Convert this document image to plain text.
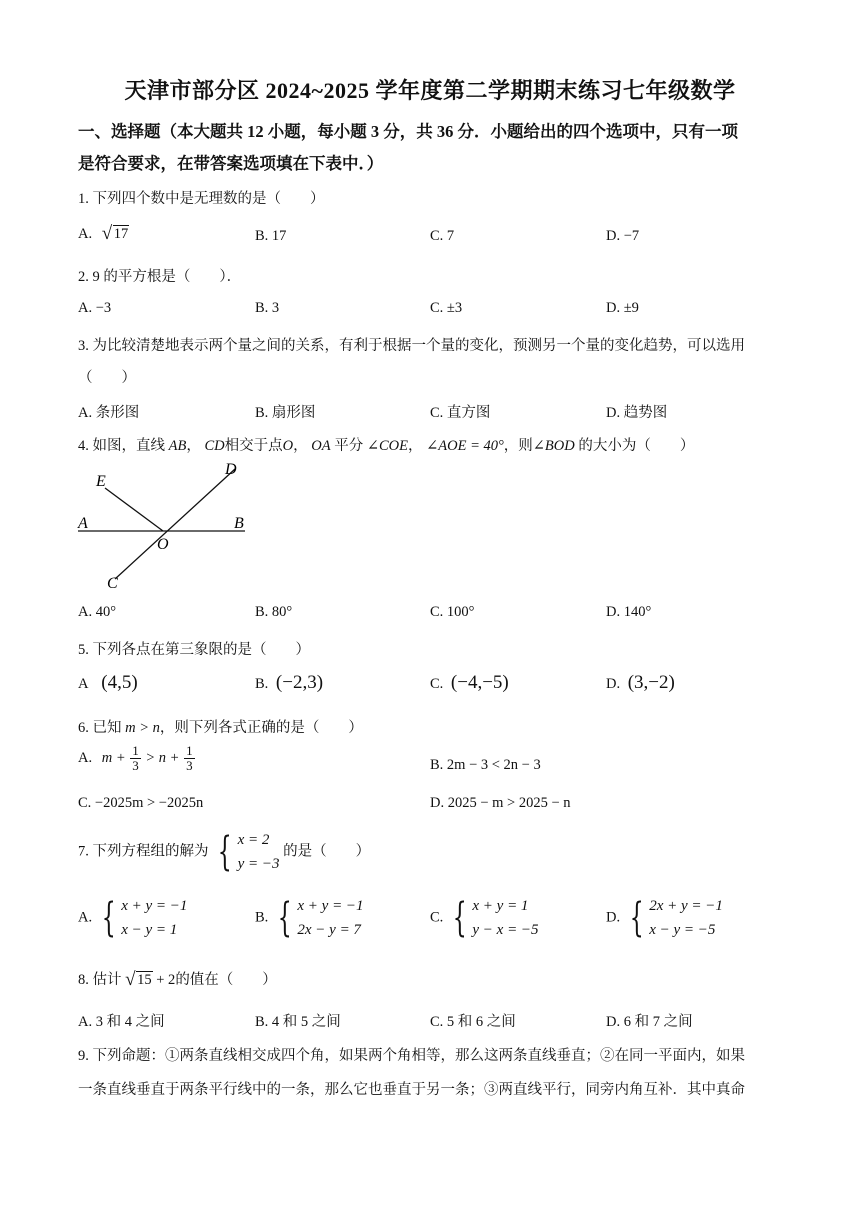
天津市部分区 2024~2025 学年度第二学期期末练习七年级数学
一、选择题（本大题共 12 小题，每小题 3 分，共 36 分．小题给出的四个选项中，只有一项
是符合要求，在带答案选项填在下表中．）
1. 下列四个数中是无理数的是（　　）
A. √ 17	B. 17	C. 7	D. −7
2. 9 的平方根是（　　）．
A. −3	B. 3	C. ±3	D. ±9
3. 为比较清楚地表示两个量之间的关系，有利于根据一个量的变化，预测另一个量的变化趋势，可以选用
（　　）
A. 条形图	B. 扇形图	C. 直方图	D. 趋势图
4. 如图，直线 AB， CD相交于点O， OA 平分 ∠COE， ∠AOE = 40°，则∠BOD 的大小为（　　）
E
D
A	B
O
C
A. 40°	B. 80°	C. 100°	D. 140°
5. 下列各点在第三象限的是（　　）
A (4,5)	B. (−2,3)	C. (−4,−5)	D. (3,−2)
6. 已知 m > n，则下列各式正确的是（　　）
A. $m + \frac{1}{3} > n + \frac{1}{3}$	B. 2m − 3 < 2n − 3
C. −2025m > −2025n	D. 2025 − m > 2025 − n
7. 下列方程组的解为 { x = 2
y = −3
的是（　　）
A. { x + y = −1
x − y = 1
B. { x + y = −1
2x − y = 7
C. { x + y = 1
y − x = −5
D. { 2x + y = −1
x − y = −5
8. 估计 √ 15 + 2的值在（　　）
A. 3 和 4 之间	B. 4 和 5 之间	C. 5 和 6 之间	D. 6 和 7 之间
9. 下列命题：①两条直线相交成四个角，如果两个角相等，那么这两条直线垂直；②在同一平面内，如果
一条直线垂直于两条平行线中的一条，那么它也垂直于另一条；③两直线平行，同旁内角互补．其中真命
